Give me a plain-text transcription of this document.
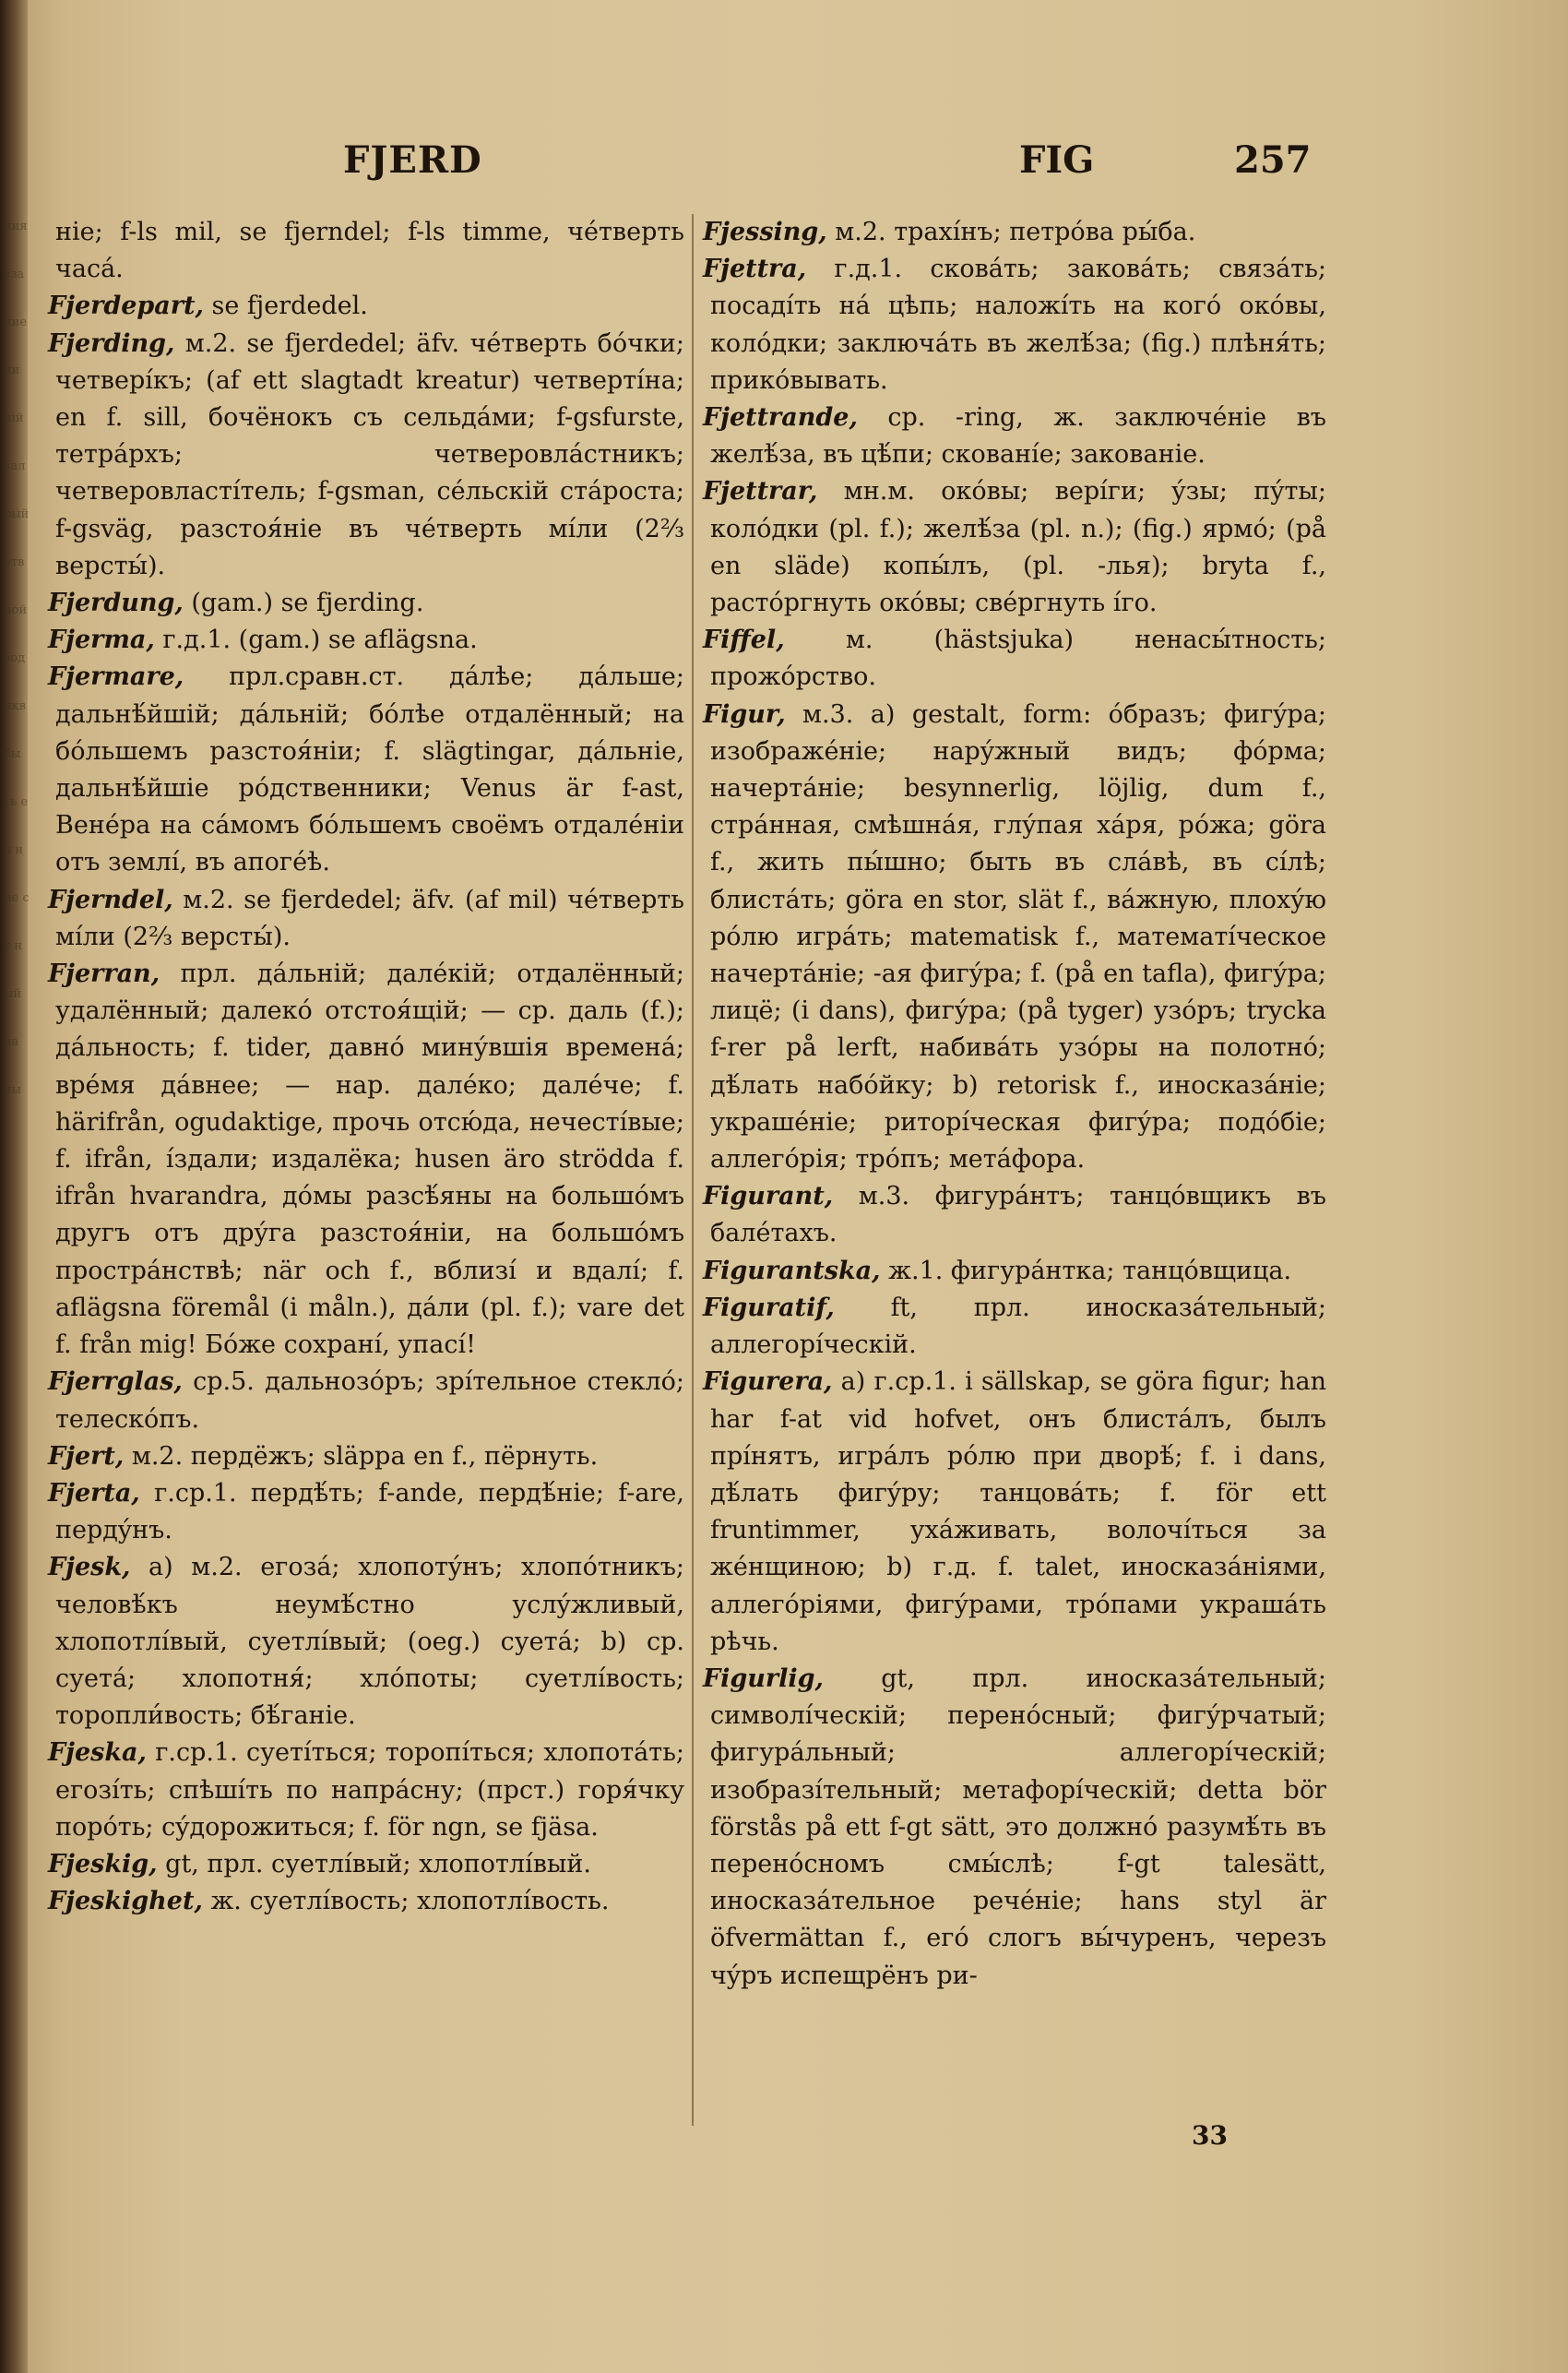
ния вза ние ни нiй вал рый отв ной вод нкв бы ть ел ние ст ный на ны
FJERD	FIG	257

ніе; f-ls mil, se fjerndel; f-ls timme, чéтверть часá.

Fjerdepart, se fjerdedel.

Fjerding, м.2. se fjerdedel; äfv. чéтверть бóчки; четверíкъ; (af ett slagtadt kreatur) четвертíна; en f. sill, бочёнокъ съ сельдáми; f-gsfurste, тетрáрхъ; четверовлáстникъ; четверовластíтель; f-gsman, сéльскій стáроста; f-gsväg, разстоя́ніе въ чéтверть мíли (2⅔ версты́).

Fjerdung, (gam.) se fjerding.

Fjerma, г.д.1. (gam.) se aflägsna.

Fjermare, прл.сравн.ст. дáлѣе; дáльше; дальнѣ́йшій; дáльній; бóлѣе отдалённый; на бóльшемъ разстоя́ніи; f. slägtingar, дáльніе, дальнѣ́йшіе рóдственники; Venus är f-ast, Венéра на сáмомъ бóльшемъ своёмъ отдалéніи отъ землí, въ апогéѣ.

Fjerndel, м.2. se fjerdedel; äfv. (af mil) чéтверть мíли (2⅔ версты́).

Fjerran, прл. дáльній; далéкій; отдалённый; удалённый; далекó отстоя́щій; — ср. даль (f.); дáльность; f. tider, давнó минýвшія временá; врéмя дáвнее; — нар. далéко; далéче; f. härifrån, ogudaktige, прочь отсю́да, нечестíвые; f. ifrån, íздали; издалёка; husen äro strödda f. ifrån hvarandra, дóмы разсѣ́яны на большóмъ другъ отъ дрýга разстоя́ніи, на большóмъ прострáнствѣ; när och f., вблизí и вдалí; f. aflägsna föremål (i måln.), дáли (pl. f.); vare det f. från mig! Бóже сохранí, упасí!

Fjerrglas, ср.5. дальнозóръ; зрíтельное стеклó; телескóпъ.

Fjert, м.2. пердёжъ; släppa en f., пёрнуть.

Fjerta, г.ср.1. пердѣ́ть; f-ande, пердѣ́ніе; f-are, пердýнъ.

Fjesk, а) м.2. егозá; хлопотýнъ; хлопóтникъ; человѣ́къ неумѣ́стно услýжливый, хлопотлíвый, суетлíвый; (oeg.) суетá; b) ср. суетá; хлопотня́; хлóпоты; суетлíвость; торопли́вость; бѣ́ганіе.

Fjeska, г.ср.1. суетíться; торопíться; хлопотáть; егозíть; спѣшíть по напрáсну; (прст.) горя́чку порóть; сýдорожиться; f. för ngn, se fjäsa.

Fjeskig, gt, прл. суетлíвый; хлопотлíвый.

Fjeskighet, ж. суетлíвость; хлопотлíвость.

Fjessing, м.2. трахíнъ; петрóва ры́ба.

Fjettra, г.д.1. сковáть; заковáть; связáть; посадíть нá цѣпь; наложíть на когó окóвы, колóдки; заключáть въ желѣ́за; (fig.) плѣня́ть; прикóвывать.

Fjettrande, ср. -ring, ж. заключéніе въ желѣ́за, въ цѣ́пи; скованíе; закованіе.

Fjettrar, мн.м. окóвы; верíги; ýзы; пýты; колóдки (pl. f.); желѣ́за (pl. n.); (fig.) ярмó; (på en släde) копы́лъ, (pl. -лья); bryta f., растóргнуть окóвы; свéргнуть íго.

Fiffel, м. (hästsjuka) ненасы́тность; прожóрство.

Figur, м.3. a) gestalt, form: óбразъ; фигýра; изображéніе; нарýжный видъ; фóрма; начертáніе; besynnerlig, löjlig, dum f., стрáнная, смѣшнáя, глýпая хáря, рóжа; göra f., жить пы́шно; быть въ слáвѣ, въ сíлѣ; блистáть; göra en stor, slät f., вáжную, плохýю рóлю игрáть; matematisk f., математíческое начертáніе; -ая фигýра; f. (på en tafla), фигýра; лицё; (i dans), фигýра; (på tyger) узóръ; trycka f-rer på lerft, набивáть узóры на полотнó; дѣ́лать набóйку; b) retorisk f., иносказáніе; украшéніе; риторíческая фигýра; подóбіе; аллегóрія; трóпъ; метáфора.

Figurant, м.3. фигурáнтъ; танцóвщикъ въ балéтахъ.

Figurantska, ж.1. фигурáнтка; танцóвщица.

Figuratif, ft, прл. иносказáтельный; аллегорíческій.

Figurera, а) г.ср.1. i sällskap, se göra figur; han har f-at vid hofvet, онъ блистáлъ, былъ прíнятъ, игрáлъ рóлю при дворѣ́; f. i dans, дѣ́лать фигýру; танцовáть; f. för ett fruntimmer, ухáживать, волочíться за жéнщиною; b) г.д. f. talet, иносказáніями, аллегóріями, фигýрами, трóпами украшáть рѣчь.

Figurlig, gt, прл. иносказáтельный; символíческій; перенóсный; фигýрчатый; фигурáльный; аллегорíческій; изобразíтельный; метафорíческій; detta bör förstås på ett f-gt sätt, это должнó разумѣ́ть въ перенóсномъ смы́слѣ; f-gt talesätt, иносказáтельное речéніе; hans styl är öfvermättan f., егó слогъ вы́чуренъ, черезъ чýръ испещрёнъ ри-

33
